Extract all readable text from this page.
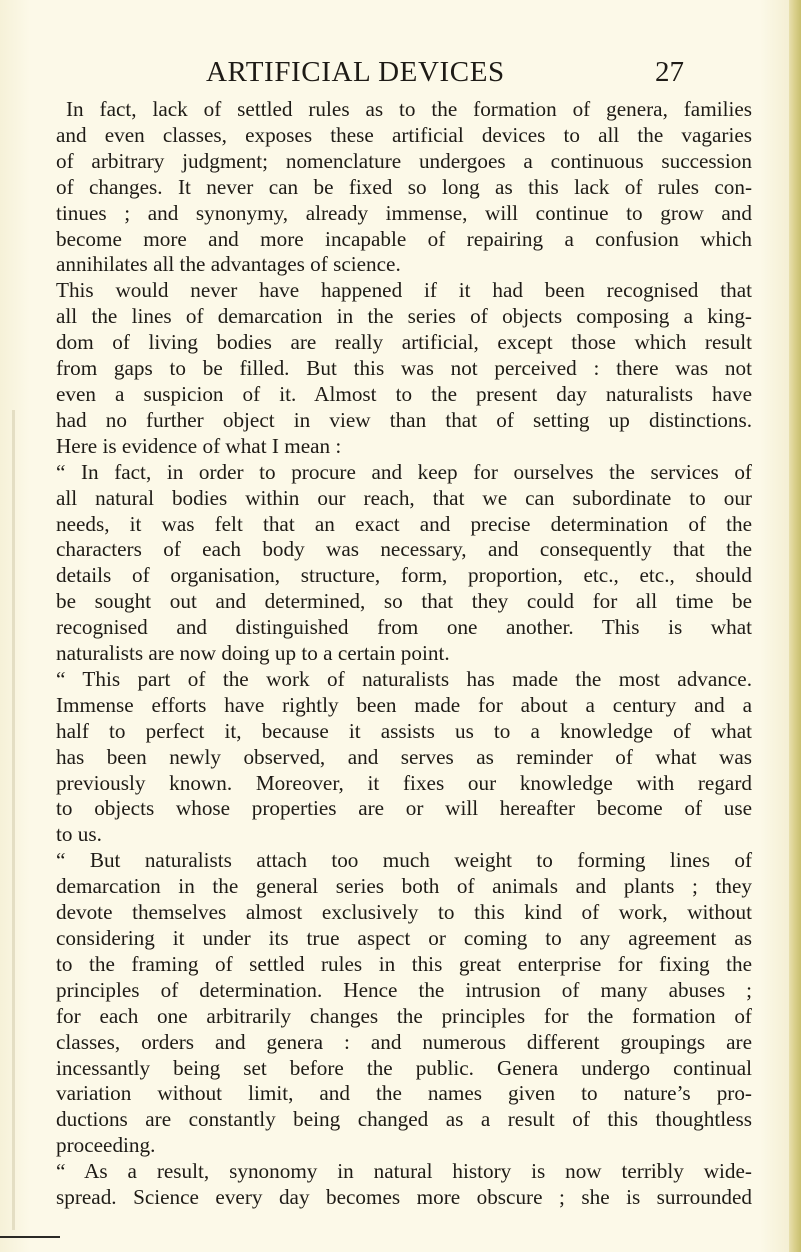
ARTIFICIAL DEVICES	27
In fact, lack of settled rules as to the formation of genera, families
and even classes, exposes these artificial devices to all the vagaries
of arbitrary judgment; nomenclature undergoes a continuous succession
of changes. It never can be fixed so long as this lack of rules con-
tinues ; and synonymy, already immense, will continue to grow and
become more and more incapable of repairing a confusion which
annihilates all the advantages of science.
This would never have happened if it had been recognised that
all the lines of demarcation in the series of objects composing a king-
dom of living bodies are really artificial, except those which result
from gaps to be filled. But this was not perceived : there was not
even a suspicion of it. Almost to the present day naturalists have
had no further object in view than that of setting up distinctions.
Here is evidence of what I mean :
“ In fact, in order to procure and keep for ourselves the services of
all natural bodies within our reach, that we can subordinate to our
needs, it was felt that an exact and precise determination of the
characters of each body was necessary, and consequently that the
details of organisation, structure, form, proportion, etc., etc., should
be sought out and determined, so that they could for all time be
recognised and distinguished from one another. This is what
naturalists are now doing up to a certain point.
“ This part of the work of naturalists has made the most advance.
Immense efforts have rightly been made for about a century and a
half to perfect it, because it assists us to a knowledge of what
has been newly observed, and serves as reminder of what was
previously known. Moreover, it fixes our knowledge with regard
to objects whose properties are or will hereafter become of use
to us.
“ But naturalists attach too much weight to forming lines of
demarcation in the general series both of animals and plants ; they
devote themselves almost exclusively to this kind of work, without
considering it under its true aspect or coming to any agreement as
to the framing of settled rules in this great enterprise for fixing the
principles of determination. Hence the intrusion of many abuses ;
for each one arbitrarily changes the principles for the formation of
classes, orders and genera : and numerous different groupings are
incessantly being set before the public. Genera undergo continual
variation without limit, and the names given to nature’s pro-
ductions are constantly being changed as a result of this thoughtless
proceeding.
“ As a result, synonomy in natural history is now terribly wide-
spread. Science every day becomes more obscure ; she is surrounded
